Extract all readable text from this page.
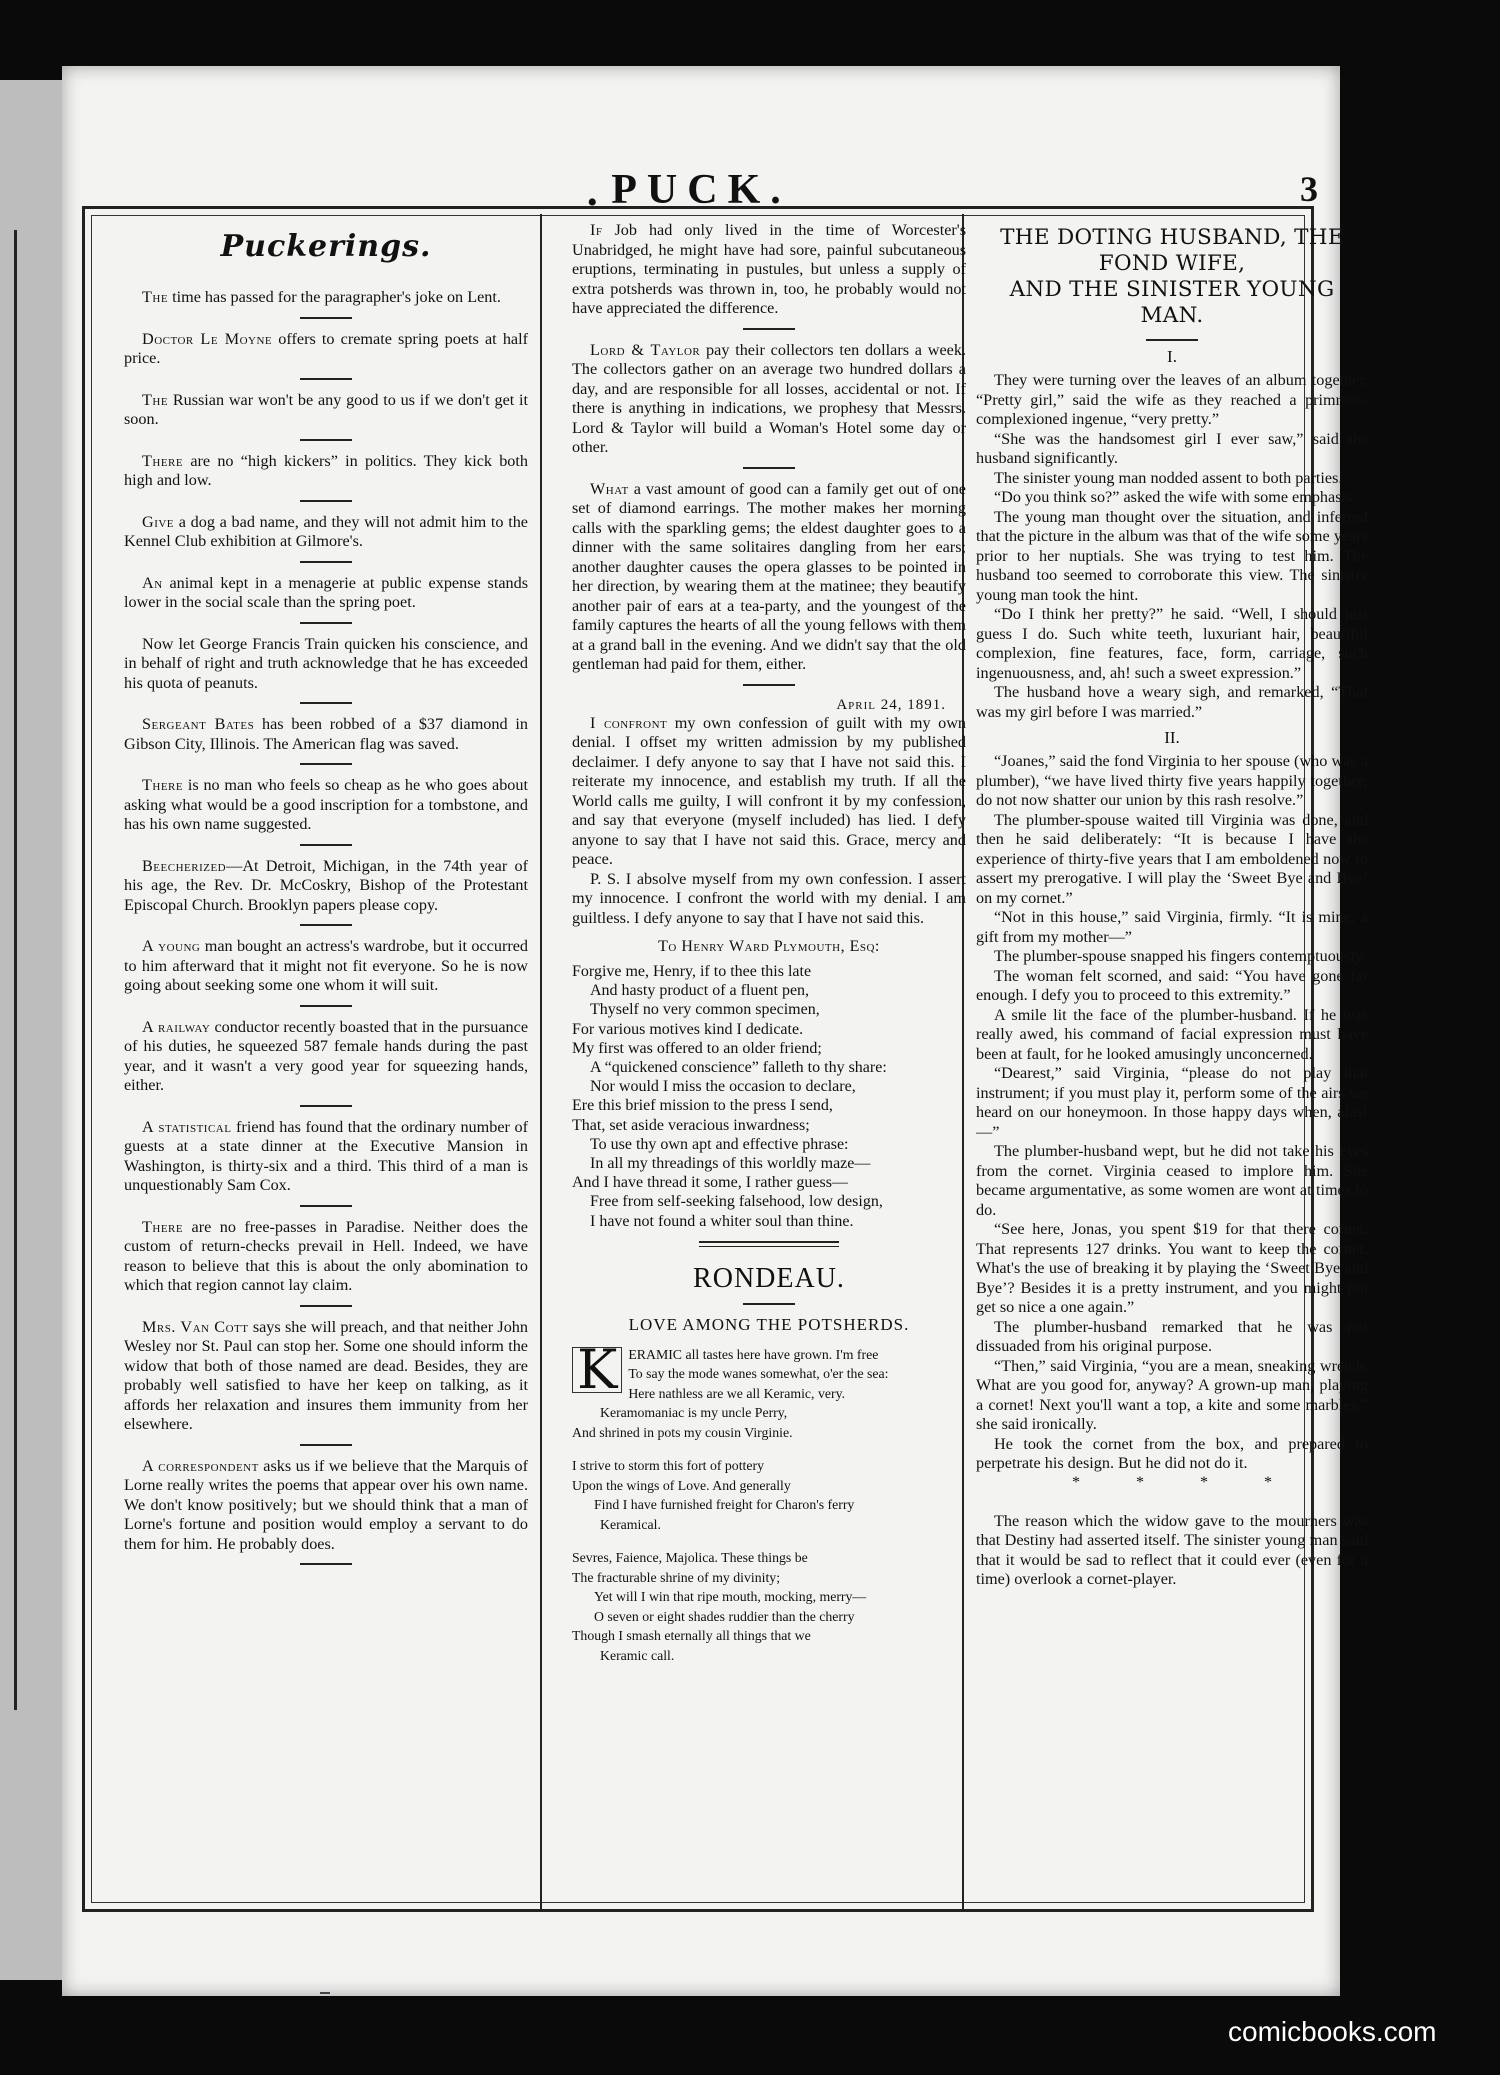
• PUCK.	3
Puckerings.

The time has passed for the paragrapher's joke on Lent.

Doctor Le Moyne offers to cremate spring poets at half price.

The Russian war won't be any good to us if we don't get it soon.

There are no “high kickers” in politics. They kick both high and low.

Give a dog a bad name, and they will not admit him to the Kennel Club exhibition at Gilmore's.

An animal kept in a menagerie at public expense stands lower in the social scale than the spring poet.

Now let George Francis Train quicken his conscience, and in behalf of right and truth acknowledge that he has exceeded his quota of peanuts.

Sergeant Bates has been robbed of a $37 diamond in Gibson City, Illinois. The American flag was saved.

There is no man who feels so cheap as he who goes about asking what would be a good inscription for a tombstone, and has his own name suggested.

Beecherized—At Detroit, Michigan, in the 74th year of his age, the Rev. Dr. McCoskry, Bishop of the Protestant Episcopal Church. Brooklyn papers please copy.

A young man bought an actress's wardrobe, but it occurred to him afterward that it might not fit everyone. So he is now going about seeking some one whom it will suit.

A railway conductor recently boasted that in the pursuance of his duties, he squeezed 587 female hands during the past year, and it wasn't a very good year for squeezing hands, either.

A statistical friend has found that the ordinary number of guests at a state dinner at the Executive Mansion in Washington, is thirty-six and a third. This third of a man is unquestionably Sam Cox.

There are no free-passes in Paradise. Neither does the custom of return-checks prevail in Hell. Indeed, we have reason to believe that this is about the only abomination to which that region cannot lay claim.

Mrs. Van Cott says she will preach, and that neither John Wesley nor St. Paul can stop her. Some one should inform the widow that both of those named are dead. Besides, they are probably well satisfied to have her keep on talking, as it affords her relaxation and insures them immunity from her elsewhere.

A correspondent asks us if we believe that the Marquis of Lorne really writes the poems that appear over his own name. We don't know positively; but we should think that a man of Lorne's fortune and position would employ a servant to do them for him. He probably does.

If Job had only lived in the time of Worcester's Unabridged, he might have had sore, painful subcutaneous eruptions, terminating in pustules, but unless a supply of extra potsherds was thrown in, too, he probably would not have appreciated the difference.

Lord & Taylor pay their collectors ten dollars a week. The collectors gather on an average two hundred dollars a day, and are responsible for all losses, accidental or not. If there is anything in indications, we prophesy that Messrs. Lord & Taylor will build a Woman's Hotel some day or other.

What a vast amount of good can a family get out of one set of diamond earrings. The mother makes her morning calls with the sparkling gems; the eldest daughter goes to a dinner with the same solitaires dangling from her ears; another daughter causes the opera glasses to be pointed in her direction, by wearing them at the matinee; they beautify another pair of ears at a tea-party, and the youngest of the family captures the hearts of all the young fellows with them at a grand ball in the evening. And we didn't say that the old gentleman had paid for them, either.

April 24, 1891.

I confront my own confession of guilt with my own denial. I offset my written admission by my published declaimer. I defy anyone to say that I have not said this. I reiterate my innocence, and establish my truth. If all the World calls me guilty, I will confront it by my confession, and say that everyone (myself included) has lied. I defy anyone to say that I have not said this. Grace, mercy and peace.

P. S. I absolve myself from my own confession. I assert my innocence. I confront the world with my denial. I am guiltless. I defy anyone to say that I have not said this.

To Henry Ward Plymouth, Esq:
Forgive me, Henry, if to thee this late
And hasty product of a fluent pen,
Thyself no very common specimen,
For various motives kind I dedicate.
My first was offered to an older friend;
A “quickened conscience” falleth to thy share:
Nor would I miss the occasion to declare,
Ere this brief mission to the press I send,
That, set aside veracious inwardness;
To use thy own apt and effective phrase:
In all my threadings of this worldly maze—
And I have thread it some, I rather guess—
Free from self-seeking falsehood, low design,
I have not found a whiter soul than thine.
RONDEAU.
LOVE AMONG THE POTSHERDS.
K ERAMIC all tastes here have grown. I'm free
To say the mode wanes somewhat, o'er the sea:
Here nathless are we all Keramic, very.
Keramomaniac is my uncle Perry,
And shrined in pots my cousin Virginie.
I strive to storm this fort of pottery
Upon the wings of Love. And generally
Find I have furnished freight for Charon's ferry
Keramical.
Sevres, Faience, Majolica. These things be
The fracturable shrine of my divinity;
Yet will I win that ripe mouth, mocking, merry—
O seven or eight shades ruddier than the cherry
Though I smash eternally all things that we
Keramic call.
THE DOTING HUSBAND, THE FOND WIFE,
AND THE SINISTER YOUNG MAN.
I.

They were turning over the leaves of an album together. “Pretty girl,” said the wife as they reached a primrose-complexioned ingenue, “very pretty.”

“She was the handsomest girl I ever saw,” said the husband significantly.

The sinister young man nodded assent to both parties.

“Do you think so?” asked the wife with some emphasis.

The young man thought over the situation, and inferred that the picture in the album was that of the wife some years prior to her nuptials. She was trying to test him. The husband too seemed to corroborate this view. The sinister young man took the hint.

“Do I think her pretty?” he said. “Well, I should just guess I do. Such white teeth, luxuriant hair, beautiful complexion, fine features, face, form, carriage, such ingenuousness, and, ah! such a sweet expression.”

The husband hove a weary sigh, and remarked, “That was my girl before I was married.”

II.

“Joanes,” said the fond Virginia to her spouse (who was a plumber), “we have lived thirty five years happily together; do not now shatter our union by this rash resolve.”

The plumber-spouse waited till Virginia was done, and then he said deliberately: “It is because I have the experience of thirty-five years that I am emboldened now to assert my prerogative. I will play the ‘Sweet Bye and Bye’ on my cornet.”

“Not in this house,” said Virginia, firmly. “It is mine, a gift from my mother—”

The plumber-spouse snapped his fingers contemptuously.

The woman felt scorned, and said: “You have gone far enough. I defy you to proceed to this extremity.”

A smile lit the face of the plumber-husband. If he was really awed, his command of facial expression must have been at fault, for he looked amusingly unconcerned.

“Dearest,” said Virginia, “please do not play that instrument; if you must play it, perform some of the airs we heard on our honeymoon. In those happy days when, alas!—”

The plumber-husband wept, but he did not take his eyes from the cornet. Virginia ceased to implore him. She became argumentative, as some women are wont at times to do.

“See here, Jonas, you spent $19 for that there cornet. That represents 127 drinks. You want to keep the cornet. What's the use of breaking it by playing the ‘Sweet Bye and Bye’? Besides it is a pretty instrument, and you might not get so nice a one again.”

The plumber-husband remarked that he was not dissuaded from his original purpose.

“Then,” said Virginia, “you are a mean, sneaking wretch. What are you good for, anyway? A grown-up man, playing a cornet! Next you'll want a top, a kite and some marbles,” she said ironically.

He took the cornet from the box, and prepared to perpetrate his design. But he did not do it.

* * * *

The reason which the widow gave to the mourners was that Destiny had asserted itself. The sinister young man said that it would be sad to reflect that it could ever (even for a time) overlook a cornet-player.

comicbooks.com
